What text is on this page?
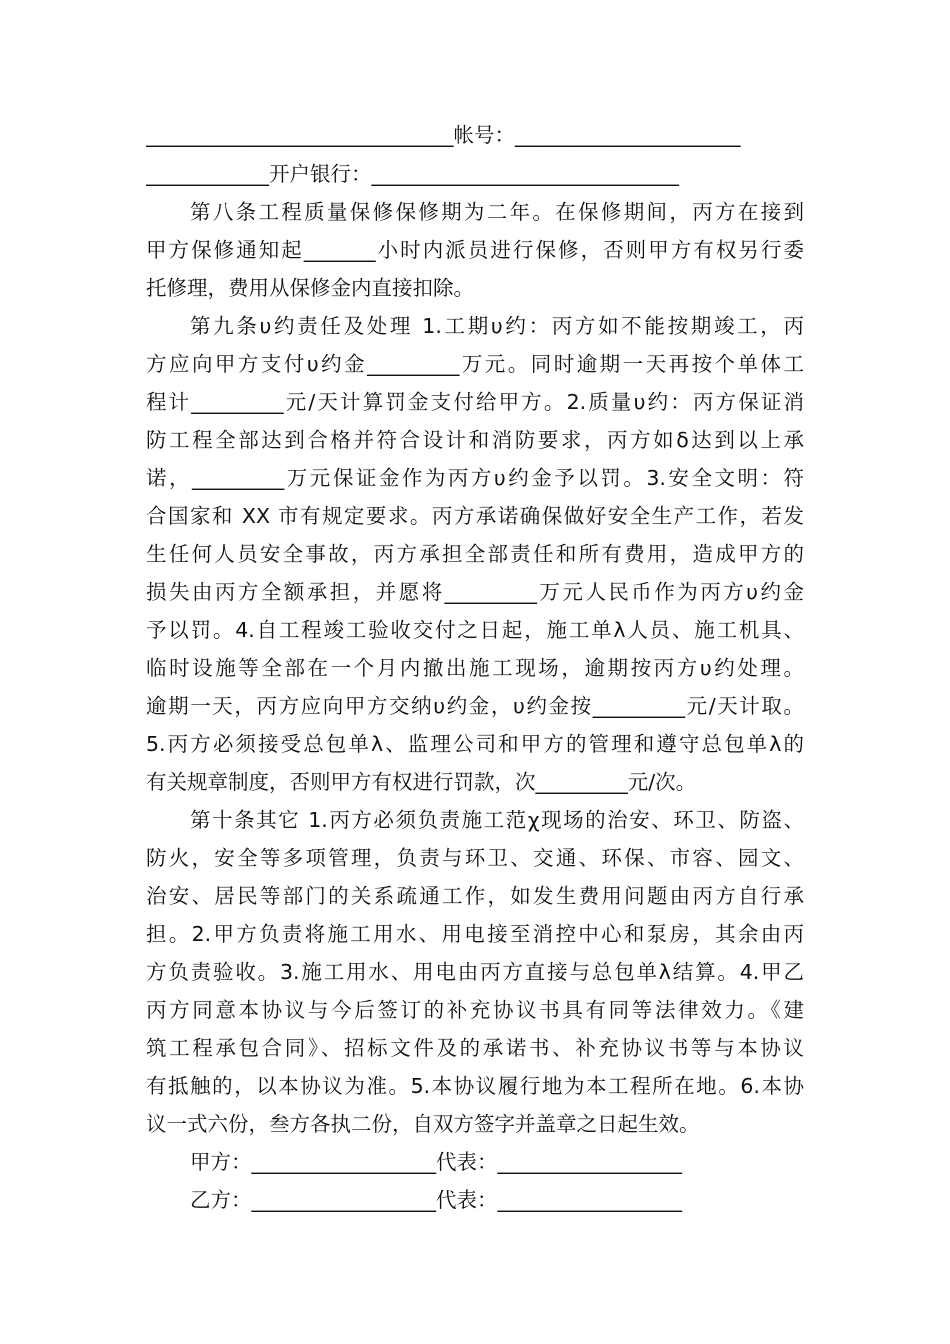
______________________________帐号：______________________
____________开户银行：______________________________
第八条工程质量保修保修期为二年。在保修期间，丙方在接到
甲方保修通知起_______小时内派员进行保修，否则甲方有权另行委
托修理，费用从保修金内直接扣除。
第九条υ约责任及处理 1.工期υ约：丙方如不能按期竣工，丙
方应向甲方支付υ约金_________万元。同时逾期一天再按个单体工
程计_________元/天计算罚金支付给甲方。2.质量υ约：丙方保证消
防工程全部达到合格并符合设计和消防要求，丙方如δ达到以上承
诺，_________万元保证金作为丙方υ约金予以罚。3.安全文明：符
合国家和 XX 市有规定要求。丙方承诺确保做好安全生产工作，若发
生任何人员安全事故，丙方承担全部责任和所有费用，造成甲方的
损失由丙方全额承担，并愿将_________万元人民币作为丙方υ约金
予以罚。4.自工程竣工验收交付之日起，施工单λ人员、施工机具、
临时设施等全部在一个月内撤出施工现场，逾期按丙方υ约处理。
逾期一天，丙方应向甲方交纳υ约金，υ约金按_________元/天计取。
5.丙方必须接受总包单λ、监理公司和甲方的管理和遵守总包单λ的
有关规章制度，否则甲方有权进行罚款，次_________元/次。
第十条其它 1.丙方必须负责施工范χ现场的治安、环卫、防盗、
防火，安全等多项管理，负责与环卫、交通、环保、市容、园文、
治安、居民等部门的关系疏通工作，如发生费用问题由丙方自行承
担。2.甲方负责将施工用水、用电接至消控中心和泵房，其余由丙
方负责验收。3.施工用水、用电由丙方直接与总包单λ结算。4.甲乙
丙方同意本协议与今后签订的补充协议书具有同等法律效力。《建
筑工程承包合同》、招标文件及的承诺书、补充协议书等与本协议
有抵触的，以本协议为准。5.本协议履行地为本工程所在地。6.本协
议一式六份，叁方各执二份，自双方签字并盖章之日起生效。
甲方：__________________代表：__________________
乙方：__________________代表：__________________
